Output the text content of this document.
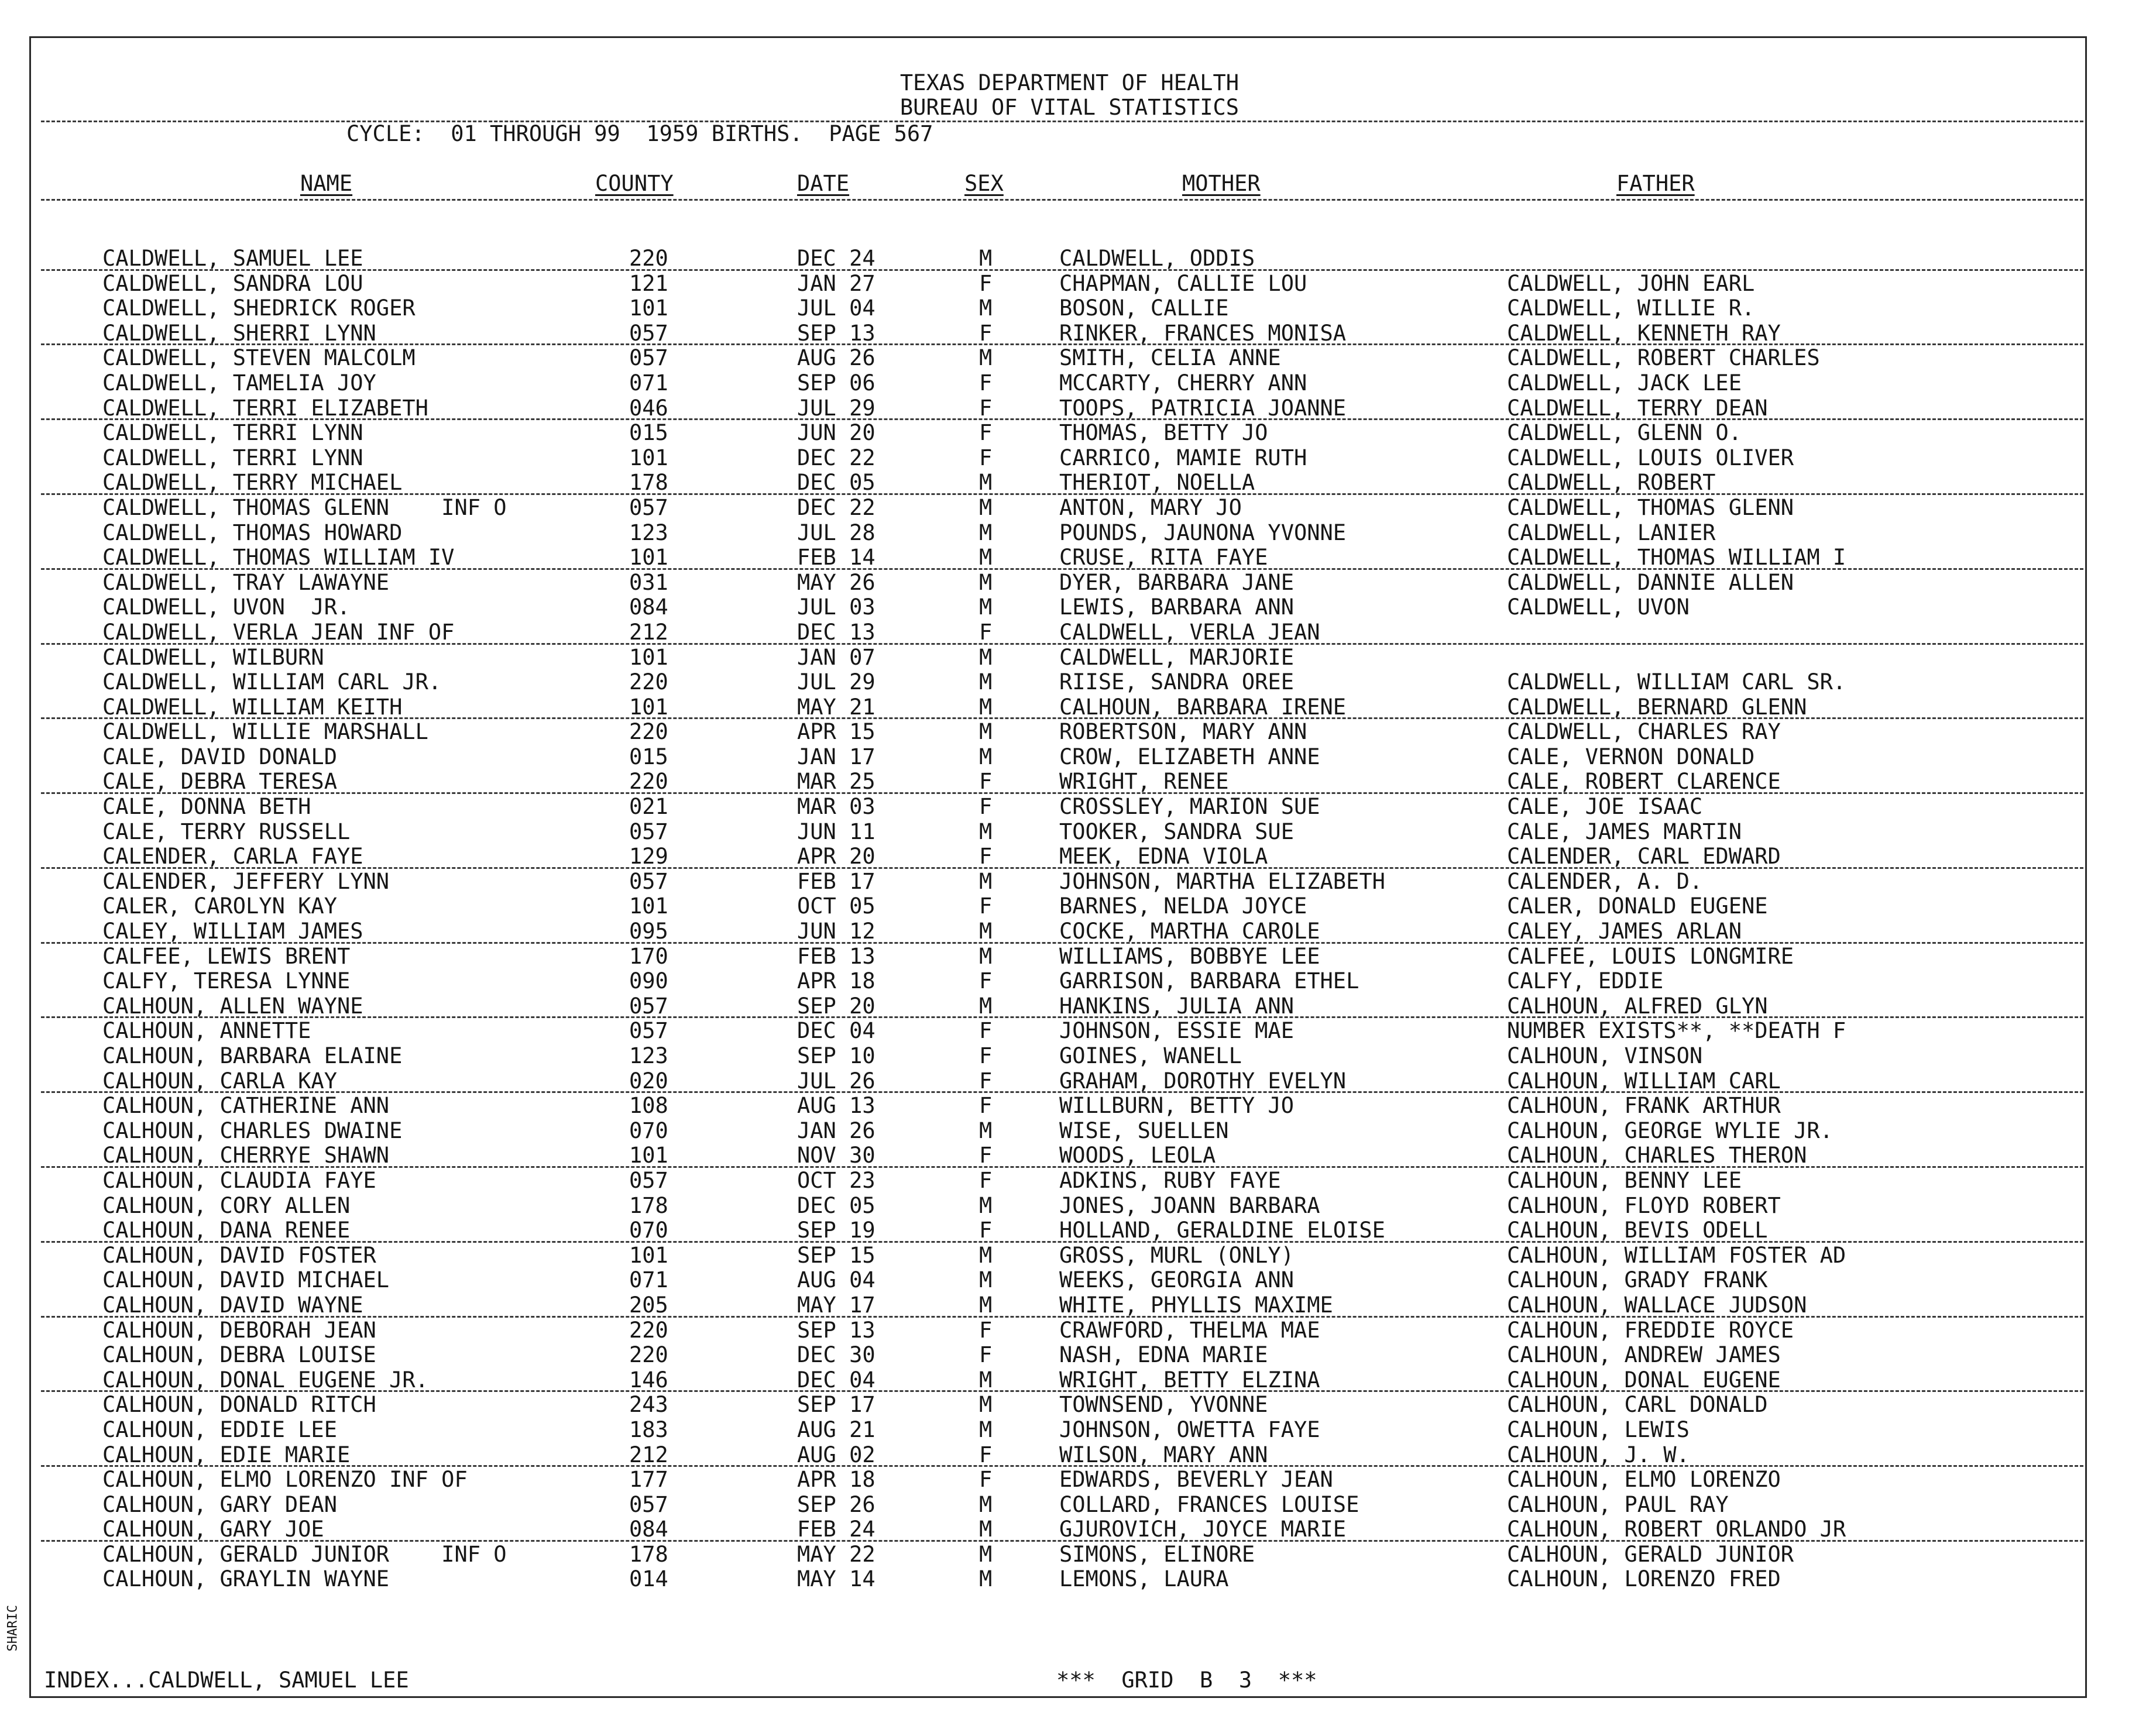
TEXAS DEPARTMENT OF HEALTH
BUREAU OF VITAL STATISTICS
CYCLE:  01 THROUGH 99  1959 BIRTHS.  PAGE 567
NAME	COUNTY	DATE	SEX	MOTHER	FATHER
CALDWELL, SAMUEL LEE	220	DEC 24	M	CALDWELL, ODDIS
CALDWELL, SANDRA LOU	121	JAN 27	F	CHAPMAN, CALLIE LOU	CALDWELL, JOHN EARL
CALDWELL, SHEDRICK ROGER	101	JUL 04	M	BOSON, CALLIE	CALDWELL, WILLIE R.
CALDWELL, SHERRI LYNN	057	SEP 13	F	RINKER, FRANCES MONISA	CALDWELL, KENNETH RAY
CALDWELL, STEVEN MALCOLM	057	AUG 26	M	SMITH, CELIA ANNE	CALDWELL, ROBERT CHARLES
CALDWELL, TAMELIA JOY	071	SEP 06	F	MCCARTY, CHERRY ANN	CALDWELL, JACK LEE
CALDWELL, TERRI ELIZABETH	046	JUL 29	F	TOOPS, PATRICIA JOANNE	CALDWELL, TERRY DEAN
CALDWELL, TERRI LYNN	015	JUN 20	F	THOMAS, BETTY JO	CALDWELL, GLENN O.
CALDWELL, TERRI LYNN	101	DEC 22	F	CARRICO, MAMIE RUTH	CALDWELL, LOUIS OLIVER
CALDWELL, TERRY MICHAEL	178	DEC 05	M	THERIOT, NOELLA	CALDWELL, ROBERT
CALDWELL, THOMAS GLENN    INF O	057	DEC 22	M	ANTON, MARY JO	CALDWELL, THOMAS GLENN
CALDWELL, THOMAS HOWARD	123	JUL 28	M	POUNDS, JAUNONA YVONNE	CALDWELL, LANIER
CALDWELL, THOMAS WILLIAM IV	101	FEB 14	M	CRUSE, RITA FAYE	CALDWELL, THOMAS WILLIAM I
CALDWELL, TRAY LAWAYNE	031	MAY 26	M	DYER, BARBARA JANE	CALDWELL, DANNIE ALLEN
CALDWELL, UVON  JR.	084	JUL 03	M	LEWIS, BARBARA ANN	CALDWELL, UVON
CALDWELL, VERLA JEAN INF OF	212	DEC 13	F	CALDWELL, VERLA JEAN
CALDWELL, WILBURN	101	JAN 07	M	CALDWELL, MARJORIE
CALDWELL, WILLIAM CARL JR.	220	JUL 29	M	RIISE, SANDRA OREE	CALDWELL, WILLIAM CARL SR.
CALDWELL, WILLIAM KEITH	101	MAY 21	M	CALHOUN, BARBARA IRENE	CALDWELL, BERNARD GLENN
CALDWELL, WILLIE MARSHALL	220	APR 15	M	ROBERTSON, MARY ANN	CALDWELL, CHARLES RAY
CALE, DAVID DONALD	015	JAN 17	M	CROW, ELIZABETH ANNE	CALE, VERNON DONALD
CALE, DEBRA TERESA	220	MAR 25	F	WRIGHT, RENEE	CALE, ROBERT CLARENCE
CALE, DONNA BETH	021	MAR 03	F	CROSSLEY, MARION SUE	CALE, JOE ISAAC
CALE, TERRY RUSSELL	057	JUN 11	M	TOOKER, SANDRA SUE	CALE, JAMES MARTIN
CALENDER, CARLA FAYE	129	APR 20	F	MEEK, EDNA VIOLA	CALENDER, CARL EDWARD
CALENDER, JEFFERY LYNN	057	FEB 17	M	JOHNSON, MARTHA ELIZABETH	CALENDER, A. D.
CALER, CAROLYN KAY	101	OCT 05	F	BARNES, NELDA JOYCE	CALER, DONALD EUGENE
CALEY, WILLIAM JAMES	095	JUN 12	M	COCKE, MARTHA CAROLE	CALEY, JAMES ARLAN
CALFEE, LEWIS BRENT	170	FEB 13	M	WILLIAMS, BOBBYE LEE	CALFEE, LOUIS LONGMIRE
CALFY, TERESA LYNNE	090	APR 18	F	GARRISON, BARBARA ETHEL	CALFY, EDDIE
CALHOUN, ALLEN WAYNE	057	SEP 20	M	HANKINS, JULIA ANN	CALHOUN, ALFRED GLYN
CALHOUN, ANNETTE	057	DEC 04	F	JOHNSON, ESSIE MAE	NUMBER EXISTS**, **DEATH F
CALHOUN, BARBARA ELAINE	123	SEP 10	F	GOINES, WANELL	CALHOUN, VINSON
CALHOUN, CARLA KAY	020	JUL 26	F	GRAHAM, DOROTHY EVELYN	CALHOUN, WILLIAM CARL
CALHOUN, CATHERINE ANN	108	AUG 13	F	WILLBURN, BETTY JO	CALHOUN, FRANK ARTHUR
CALHOUN, CHARLES DWAINE	070	JAN 26	M	WISE, SUELLEN	CALHOUN, GEORGE WYLIE JR.
CALHOUN, CHERRYE SHAWN	101	NOV 30	F	WOODS, LEOLA	CALHOUN, CHARLES THERON
CALHOUN, CLAUDIA FAYE	057	OCT 23	F	ADKINS, RUBY FAYE	CALHOUN, BENNY LEE
CALHOUN, CORY ALLEN	178	DEC 05	M	JONES, JOANN BARBARA	CALHOUN, FLOYD ROBERT
CALHOUN, DANA RENEE	070	SEP 19	F	HOLLAND, GERALDINE ELOISE	CALHOUN, BEVIS ODELL
CALHOUN, DAVID FOSTER	101	SEP 15	M	GROSS, MURL (ONLY)	CALHOUN, WILLIAM FOSTER AD
CALHOUN, DAVID MICHAEL	071	AUG 04	M	WEEKS, GEORGIA ANN	CALHOUN, GRADY FRANK
CALHOUN, DAVID WAYNE	205	MAY 17	M	WHITE, PHYLLIS MAXIME	CALHOUN, WALLACE JUDSON
CALHOUN, DEBORAH JEAN	220	SEP 13	F	CRAWFORD, THELMA MAE	CALHOUN, FREDDIE ROYCE
CALHOUN, DEBRA LOUISE	220	DEC 30	F	NASH, EDNA MARIE	CALHOUN, ANDREW JAMES
CALHOUN, DONAL EUGENE JR.	146	DEC 04	M	WRIGHT, BETTY ELZINA	CALHOUN, DONAL EUGENE
CALHOUN, DONALD RITCH	243	SEP 17	M	TOWNSEND, YVONNE	CALHOUN, CARL DONALD
CALHOUN, EDDIE LEE	183	AUG 21	M	JOHNSON, OWETTA FAYE	CALHOUN, LEWIS
CALHOUN, EDIE MARIE	212	AUG 02	F	WILSON, MARY ANN	CALHOUN, J. W.
CALHOUN, ELMO LORENZO INF OF	177	APR 18	F	EDWARDS, BEVERLY JEAN	CALHOUN, ELMO LORENZO
CALHOUN, GARY DEAN	057	SEP 26	M	COLLARD, FRANCES LOUISE	CALHOUN, PAUL RAY
CALHOUN, GARY JOE	084	FEB 24	M	GJUROVICH, JOYCE MARIE	CALHOUN, ROBERT ORLANDO JR
CALHOUN, GERALD JUNIOR    INF O	178	MAY 22	M	SIMONS, ELINORE	CALHOUN, GERALD JUNIOR
CALHOUN, GRAYLIN WAYNE	014	MAY 14	M	LEMONS, LAURA	CALHOUN, LORENZO FRED
INDEX...CALDWELL, SAMUEL LEE	***  GRID  B  3  ***
SHARIC
